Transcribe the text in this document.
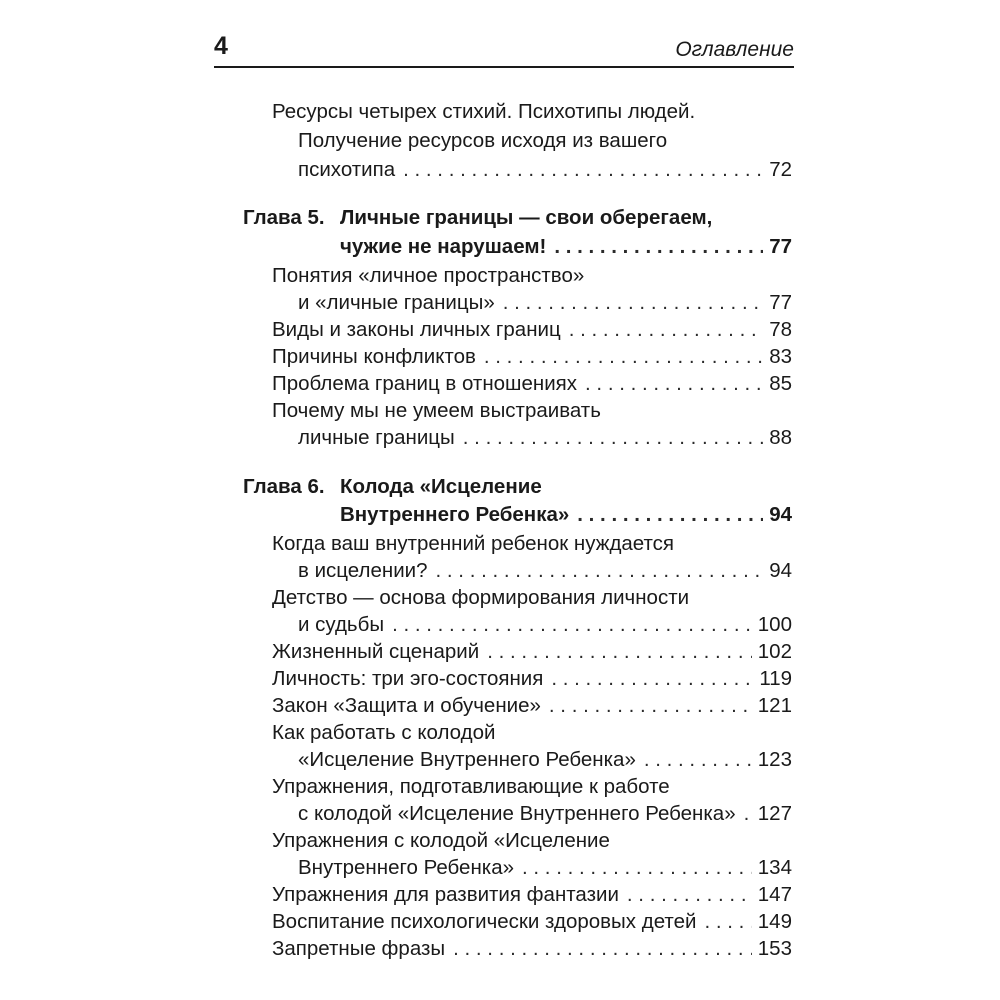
4	Оглавление
Ресурсы четырех стихий. Психотипы людей.
Получение ресурсов исходя из вашего
психотипа . . .	72
Глава 5. Личные границы — свои оберегаем,
чужие не нарушаем! . . .	77
Понятия «личное пространство»
и «личные границы» . . .	77
Виды и законы личных границ . . .	78
Причины конфликтов . . .	83
Проблема границ в отношениях . . .	85
Почему мы не умеем выстраивать
личные границы . . .	88
Глава 6. Колода «Исцеление
Внутреннего Ребенка» . . .	94
Когда ваш внутренний ребенок нуждается
в исцелении? . . .	94
Детство — основа формирования личности
и судьбы . . .	100
Жизненный сценарий . . .	102
Личность: три эго-состояния . . .	119
Закон «Защита и обучение» . . .	121
Как работать с колодой
«Исцеление Внутреннего Ребенка» . . .	123
Упражнения, подготавливающие к работе
с колодой «Исцеление Внутреннего Ребенка» . . . 127
Упражнения с колодой «Исцеление
Внутреннего Ребенка» . . .	134
Упражнения для развития фантазии . . .	147
Воспитание психологически здоровых детей . . .	149
Запретные фразы . . .	153
